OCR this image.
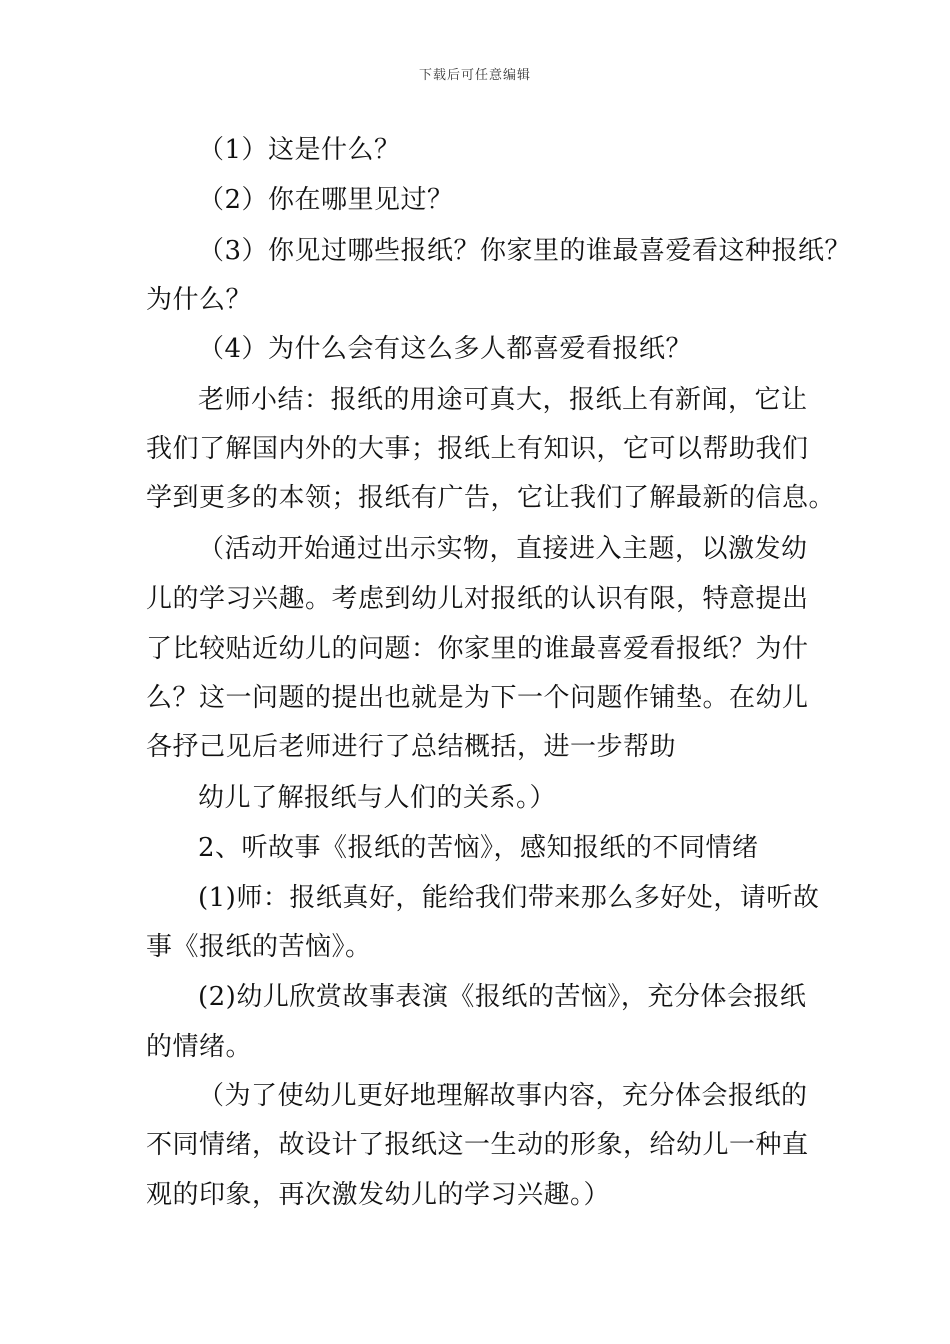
下载后可任意编辑
（1）这是什么？
（2）你在哪里见过？
（3）你见过哪些报纸？你家里的谁最喜爱看这种报纸？
为什么？
（4）为什么会有这么多人都喜爱看报纸？
老师小结：报纸的用途可真大，报纸上有新闻，它让
我们了解国内外的大事；报纸上有知识，它可以帮助我们
学到更多的本领；报纸有广告，它让我们了解最新的信息。
（活动开始通过出示实物，直接进入主题，以激发幼
儿的学习兴趣。考虑到幼儿对报纸的认识有限，特意提出
了比较贴近幼儿的问题：你家里的谁最喜爱看报纸？为什
么？这一问题的提出也就是为下一个问题作铺垫。在幼儿
各抒己见后老师进行了总结概括，进一步帮助
幼儿了解报纸与人们的关系。）
2、听故事《报纸的苦恼》，感知报纸的不同情绪
(1)师：报纸真好，能给我们带来那么多好处，请听故
事《报纸的苦恼》。
(2)幼儿欣赏故事表演《报纸的苦恼》，充分体会报纸
的情绪。
（为了使幼儿更好地理解故事内容，充分体会报纸的
不同情绪，故设计了报纸这一生动的形象，给幼儿一种直
观的印象，再次激发幼儿的学习兴趣。）
